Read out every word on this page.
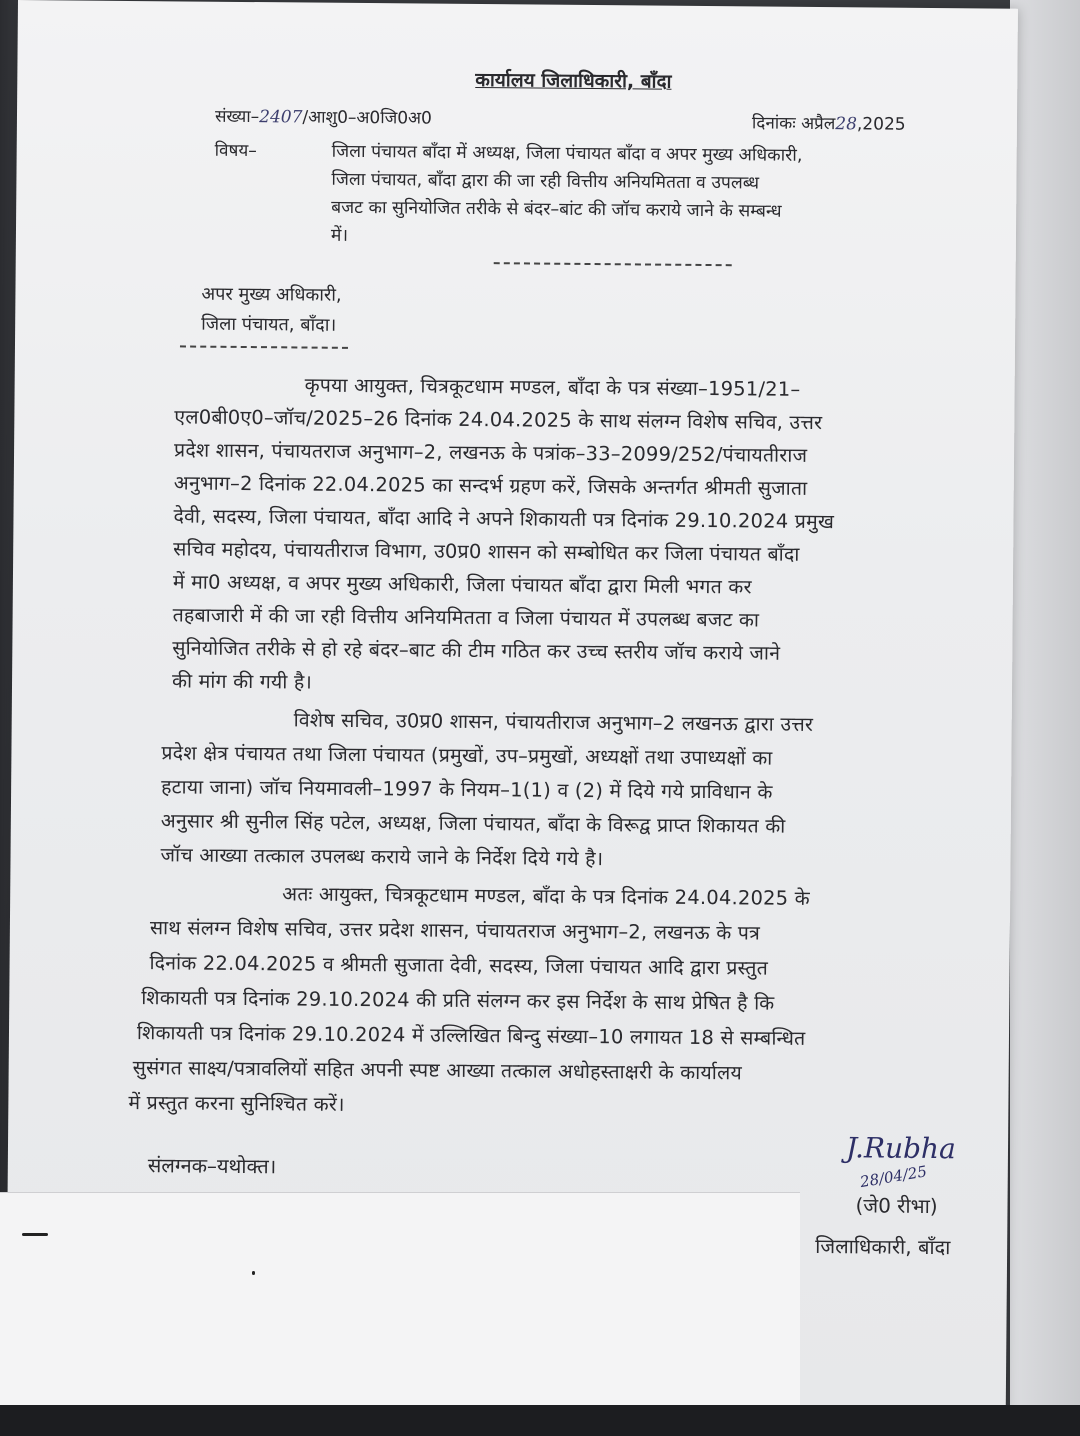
कार्यालय जिलाधिकारी, बाँदा
संख्या–2407/आशु0–अ0जि0अ0	दिनांकः अप्रैल28,2025
विषय–	जिला पंचायत बाँदा में अध्यक्ष, जिला पंचायत बाँदा व अपर मुख्य अधिकारी,
जिला पंचायत, बाँदा द्वारा की जा रही वित्तीय अनियमितता व उपलब्ध
बजट का सुनियोजित तरीके से बंदर–बांट की जॉच कराये जाने के सम्बन्ध
में।
अपर मुख्य अधिकारी,
जिला पंचायत, बाँदा।
कृपया आयुक्त, चित्रकूटधाम मण्डल, बाँदा के पत्र संख्या–1951/21–
एल0बी0ए0–जॉच/2025–26 दिनांक 24.04.2025 के साथ संलग्न विशेष सचिव, उत्तर
प्रदेश शासन, पंचायतराज अनुभाग–2, लखनऊ के पत्रांक–33–2099/252/पंचायतीराज
अनुभाग–2 दिनांक 22.04.2025 का सन्दर्भ ग्रहण करें, जिसके अन्तर्गत श्रीमती सुजाता
देवी, सदस्य, जिला पंचायत, बाँदा आदि ने अपने शिकायती पत्र दिनांक 29.10.2024 प्रमुख
सचिव महोदय, पंचायतीराज विभाग, उ0प्र0 शासन को सम्बोधित कर जिला पंचायत बाँदा
में मा0 अध्यक्ष, व अपर मुख्य अधिकारी, जिला पंचायत बाँदा द्वारा मिली भगत कर
तहबाजारी में की जा रही वित्तीय अनियमितता व जिला पंचायत में उपलब्ध बजट का
सुनियोजित तरीके से हो रहे बंदर–बाट की टीम गठित कर उच्च स्तरीय जॉच कराये जाने
की मांग की गयी है।
विशेष सचिव, उ0प्र0 शासन, पंचायतीराज अनुभाग–2 लखनऊ द्वारा उत्तर
प्रदेश क्षेत्र पंचायत तथा जिला पंचायत (प्रमुखों, उप–प्रमुखों, अध्यक्षों तथा उपाध्यक्षों का
हटाया जाना) जॉच नियमावली–1997 के नियम–1(1) व (2) में दिये गये प्राविधान के
अनुसार श्री सुनील सिंह पटेल, अध्यक्ष, जिला पंचायत, बाँदा के विरूद्व प्राप्त शिकायत की
जॉच आख्या तत्काल उपलब्ध कराये जाने के निर्देश दिये गये है।
अतः आयुक्त, चित्रकूटधाम मण्डल, बाँदा के पत्र दिनांक 24.04.2025 के
साथ संलग्न विशेष सचिव, उत्तर प्रदेश शासन, पंचायतराज अनुभाग–2, लखनऊ के पत्र
दिनांक 22.04.2025 व श्रीमती सुजाता देवी, सदस्य, जिला पंचायत आदि द्वारा प्रस्तुत
शिकायती पत्र दिनांक 29.10.2024 की प्रति संलग्न कर इस निर्देश के साथ प्रेषित है कि
शिकायती पत्र दिनांक 29.10.2024 में उल्लिखित बिन्दु संख्या–10 लगायत 18 से सम्बन्धित
सुसंगत साक्ष्य/पत्रावलियों सहित अपनी स्पष्ट आख्या तत्काल अधोहस्ताक्षरी के कार्यालय
में प्रस्तुत करना सुनिश्चित करें।
संलग्नक–यथोक्त।
J.Rubha
28/04/25
(जे0 रीभा)
जिलाधिकारी, बाँदा
